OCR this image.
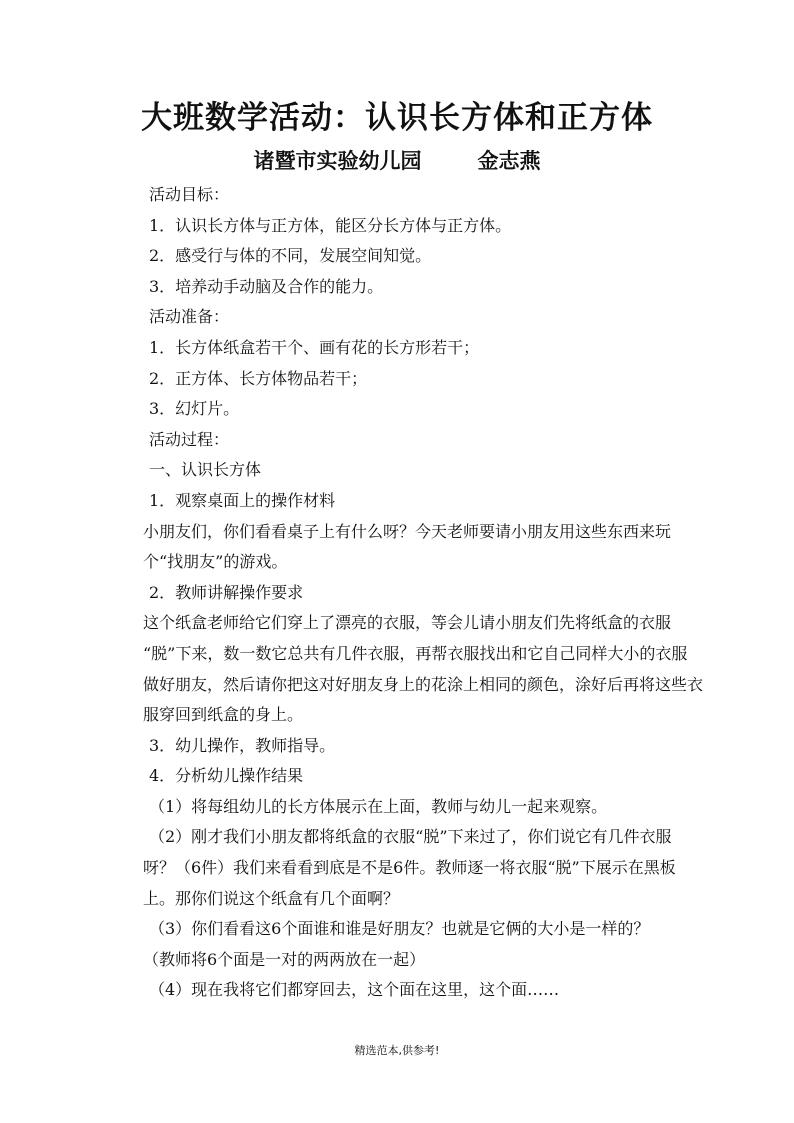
大班数学活动：认识长方体和正方体
诸暨市实验幼儿园	金志燕

活动目标：

1．认识长方体与正方体，能区分长方体与正方体。

2．感受行与体的不同，发展空间知觉。

3．培养动手动脑及合作的能力。

活动准备：

1．长方体纸盒若干个、画有花的长方形若干；

2．正方体、长方体物品若干；

3．幻灯片。

活动过程：

一、认识长方体

1．观察桌面上的操作材料

小朋友们，你们看看桌子上有什么呀？今天老师要请小朋友用这些东西来玩

个“找朋友”的游戏。

2．教师讲解操作要求

这个纸盒老师给它们穿上了漂亮的衣服，等会儿请小朋友们先将纸盒的衣服

“脱”下来，数一数它总共有几件衣服，再帮衣服找出和它自己同样大小的衣服

做好朋友，然后请你把这对好朋友身上的花涂上相同的颜色，涂好后再将这些衣

服穿回到纸盒的身上。

3．幼儿操作，教师指导。

4．分析幼儿操作结果

（1）将每组幼儿的长方体展示在上面，教师与幼儿一起来观察。

（2）刚才我们小朋友都将纸盒的衣服“脱”下来过了，你们说它有几件衣服

呀？（6件）我们来看看到底是不是6件。教师逐一将衣服“脱”下展示在黑板

上。那你们说这个纸盒有几个面啊？

（3）你们看看这6个面谁和谁是好朋友？也就是它俩的大小是一样的？

（教师将6个面是一对的两两放在一起）

（4）现在我将它们都穿回去，这个面在这里，这个面……

精选范本,供参考!
